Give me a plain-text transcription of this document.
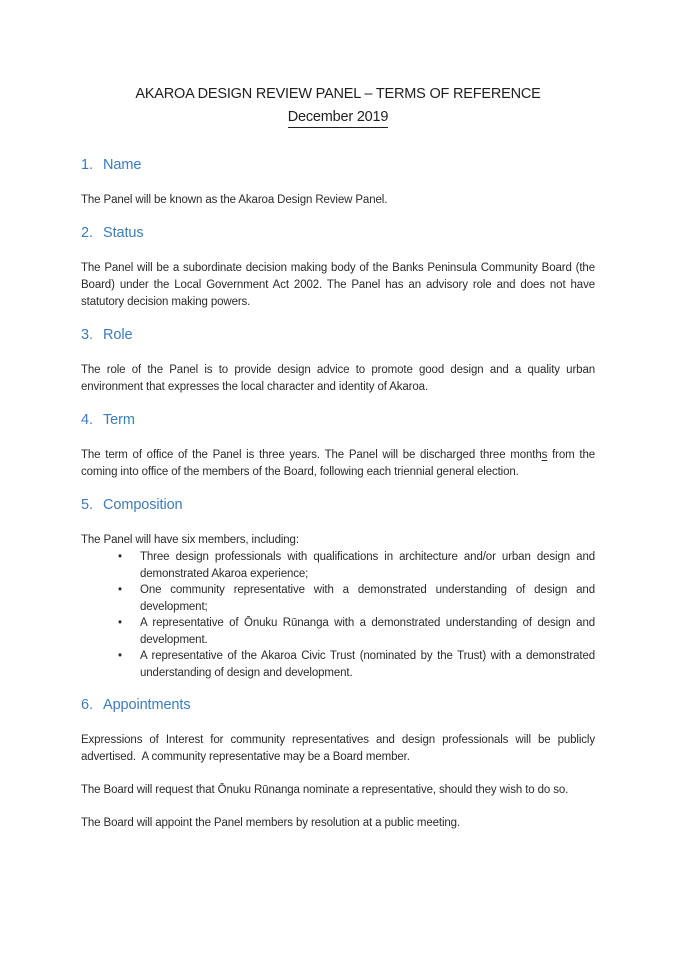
AKAROA DESIGN REVIEW PANEL – TERMS OF REFERENCE
December 2019
1. Name

The Panel will be known as the Akaroa Design Review Panel.

2. Status

The Panel will be a subordinate decision making body of the Banks Peninsula Community Board (the Board) under the Local Government Act 2002. The Panel has an advisory role and does not have statutory decision making powers.

3. Role

The role of the Panel is to provide design advice to promote good design and a quality urban environment that expresses the local character and identity of Akaroa.

4. Term

The term of office of the Panel is three years. The Panel will be discharged three months from the coming into office of the members of the Board, following each triennial general election.

5. Composition

The Panel will have six members, including:

• Three design professionals with qualifications in architecture and/or urban design and demonstrated Akaroa experience;
• One community representative with a demonstrated understanding of design and development;
• A representative of Ōnuku Rūnanga with a demonstrated understanding of design and development.
• A representative of the Akaroa Civic Trust (nominated by the Trust) with a demonstrated understanding of design and development.
6. Appointments

Expressions of Interest for community representatives and design professionals will be publicly advertised.  A community representative may be a Board member.

The Board will request that Ōnuku Rūnanga nominate a representative, should they wish to do so.

The Board will appoint the Panel members by resolution at a public meeting.
